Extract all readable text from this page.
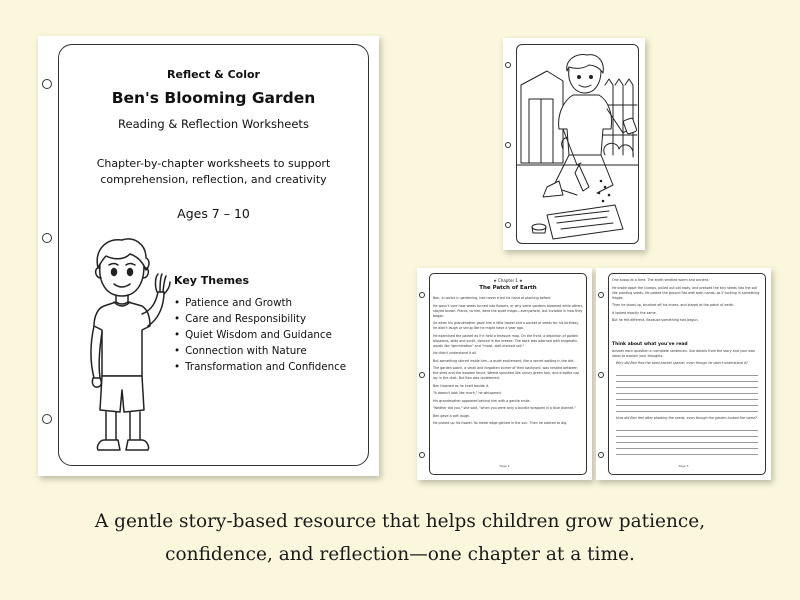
Reflect & Color
Ben's Blooming Garden
Reading & Reflection Worksheets
Chapter-by-chapter worksheets to support comprehension, reflection, and creativity
Ages 7 – 10
Key Themes
• Patience and Growth
• Care and Responsibility
• Quiet Wisdom and Guidance
• Connection with Nature
• Transformation and Confidence
★ Chapter 1 ★
The Patch of Earth

Ben, a novice in gardening, had never tried his hand at planting before.

He wasn't sure how seeds turned into flowers, or why some gardens bloomed while others stayed brown. Plants, to him, were the quiet magic—everywhere, but invisible in how they began.

So when his grandmother gave him a little trowel and a packet of seeds for his birthday, he didn't laugh or shrug like he might have a year ago.

He examined the packet as if it held a treasure map. On the front, a depiction of golden blossoms, wide and sunlit, danced in the breeze. The back was adorned with enigmatic words like "germination" and "moist, well-drained soil."

He didn't understand it all.

But something stirred inside him—a quiet excitement, like a secret waiting in the dirt.

The garden patch, a small and forgotten corner of their backyard, was nestled between the shed and the wooden fence. Weeds sprouted like unruly green hair, and a bottle cap lay in the dust. But Ben was undeterred.

Ben frowned as he knelt beside it.

"It doesn't look like much," he whispered.

His grandmother appeared behind him with a gentle smile.

"Neither did you," she said, "when you were only a bundle wrapped in a blue blanket."

Ben gave a soft laugh.

He picked up his trowel. Its metal edge glinted in the sun. Then he started to dig.

Page 4

One scoop at a time. The earth smelled warm and ancient.

He broke apart the clumps, pulled out old roots, and pressed the tiny seeds into the soil like planting seeds. He patted the ground flat with both hands, as if tucking in something fragile.

Then he stood up, brushed off his knees, and stared at the patch of earth.

It looked exactly the same.

But he felt different. Because something had begun.

Think about what you've read
Answer each question in complete sentences. Use details from the story and your own ideas to explain your thoughts.
Why did Ben find the seed packet special, even though he didn't understand it?
How did Ben feel after planting the seeds, even though the garden looked the same?
Page 5
A gentle story-based resource that helps children grow patience,
confidence, and reflection—one chapter at a time.
